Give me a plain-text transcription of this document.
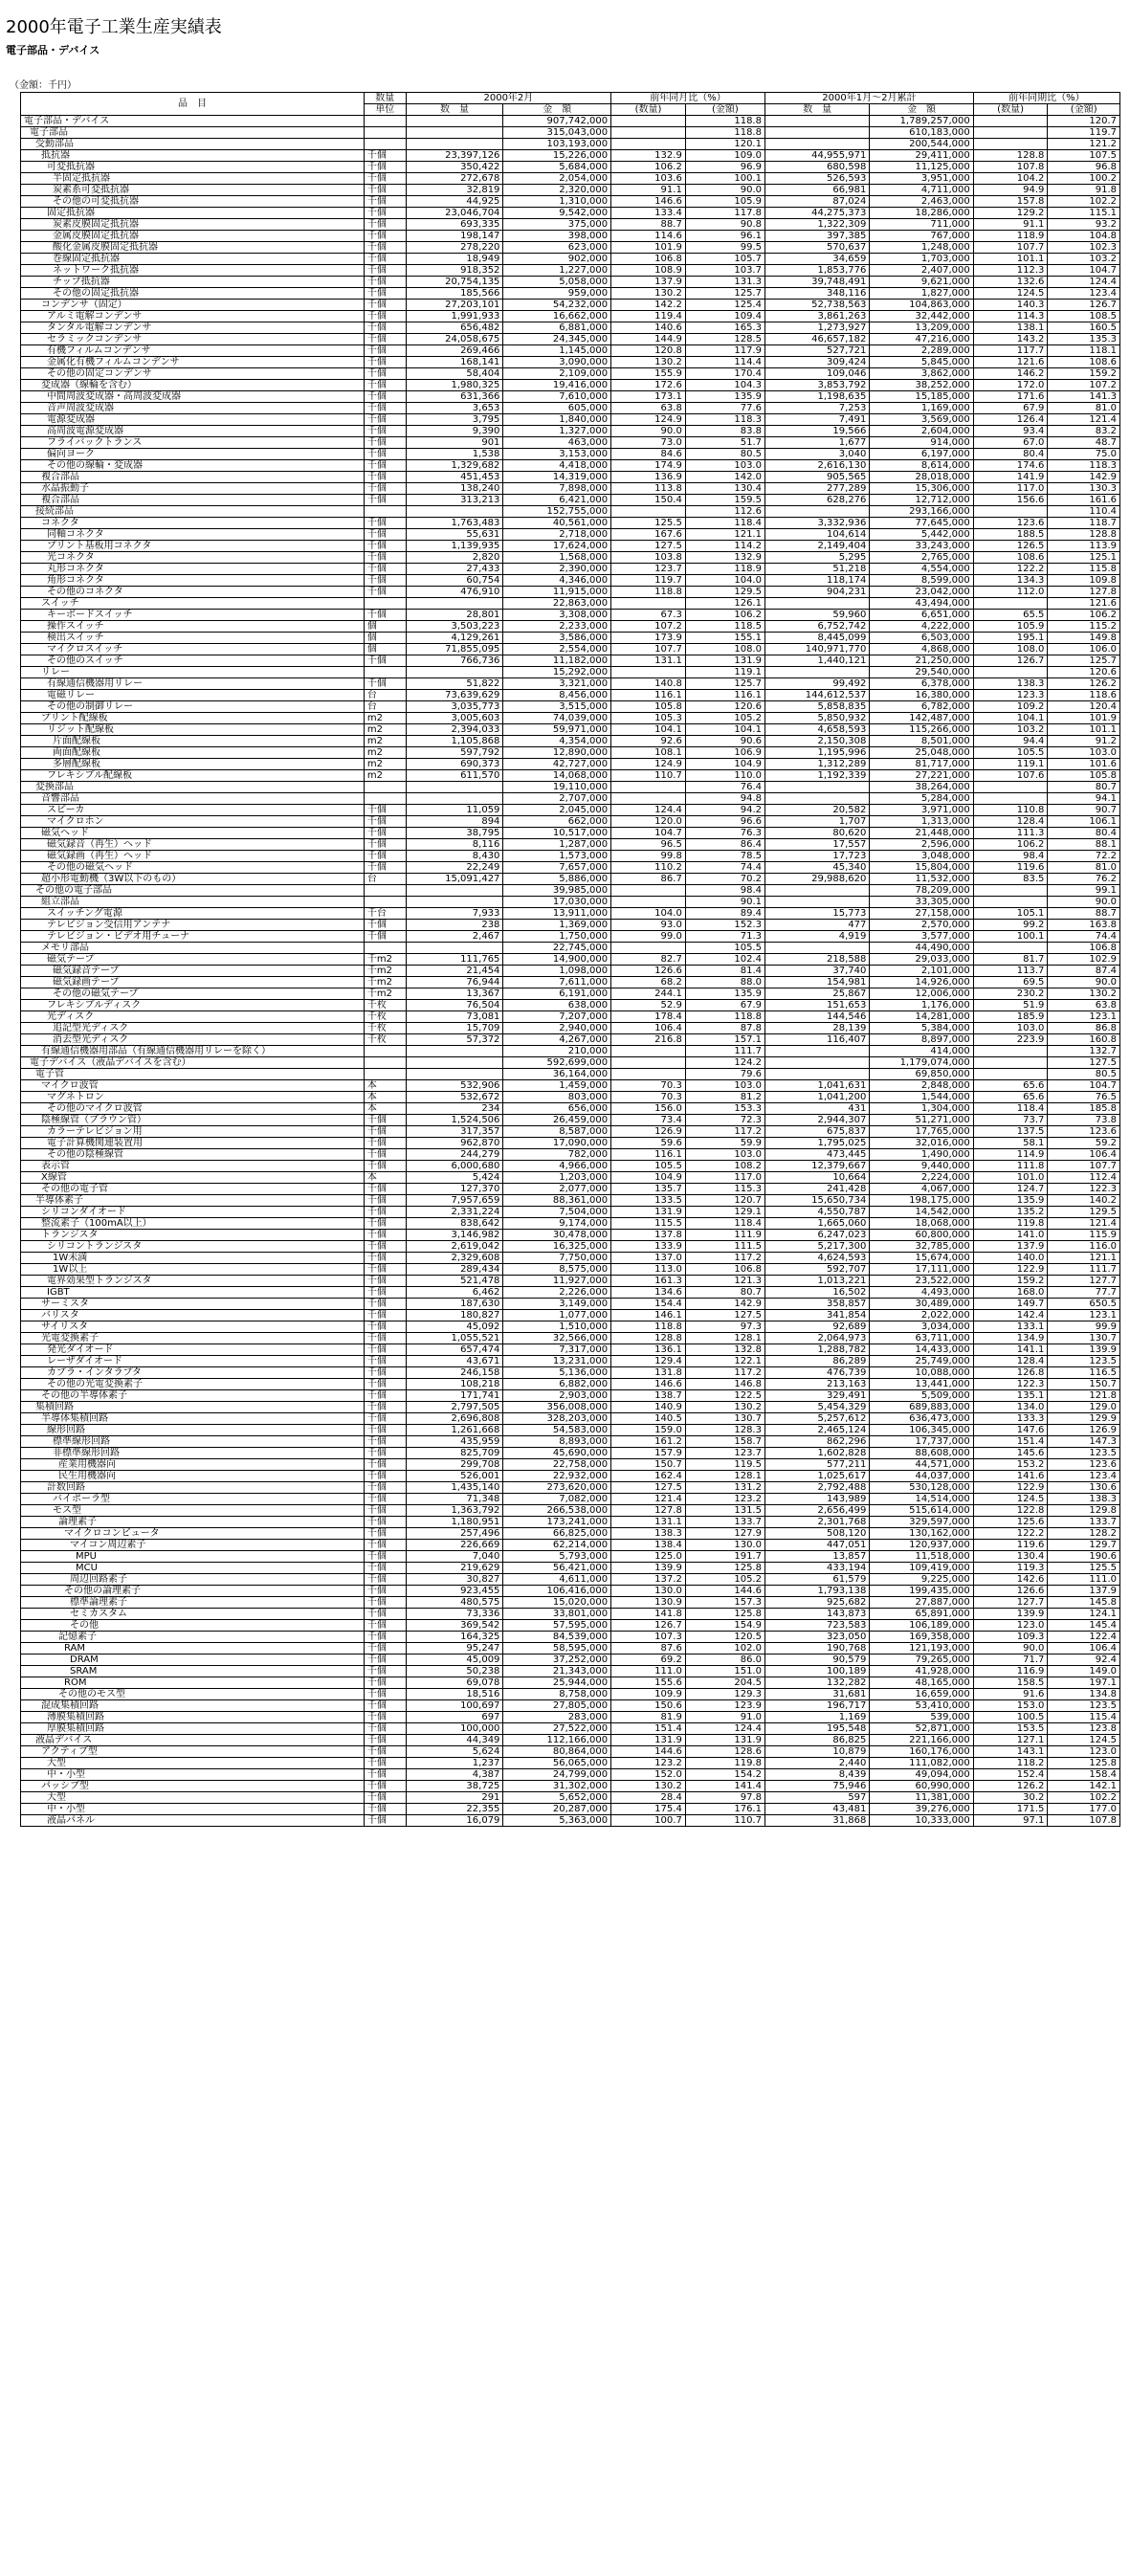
2000年電子工業生産実績表
電子部品・デバイス
（金額：千円）
品　目	数量	2000年2月		前年同月比（%）		2000年1月～2月累計		前年同期比（%）	
	単位	数　量	金　額	(数量)	(金額)	数　量	金　額	(数量)	(金額)
電子部品・デバイス			907,742,000		118.8		1,789,257,000		120.7
電子部品			315,043,000		118.8		610,183,000		119.7
受動部品			103,193,000		120.1		200,544,000		121.2
抵抗器	千個	23,397,126	15,226,000	132.9	109.0	44,955,971	29,411,000	128.8	107.5
可変抵抗器	千個	350,422	5,684,000	106.2	96.9	680,598	11,125,000	107.8	96.8
半固定抵抗器	千個	272,678	2,054,000	103.6	100.1	526,593	3,951,000	104.2	100.2
炭素系可変抵抗器	千個	32,819	2,320,000	91.1	90.0	66,981	4,711,000	94.9	91.8
その他の可変抵抗器	千個	44,925	1,310,000	146.6	105.9	87,024	2,463,000	157.8	102.2
固定抵抗器	千個	23,046,704	9,542,000	133.4	117.8	44,275,373	18,286,000	129.2	115.1
炭素皮膜固定抵抗器	千個	693,335	375,000	88.7	90.8	1,322,309	711,000	91.1	93.2
金属皮膜固定抵抗器	千個	198,147	398,000	114.6	96.1	397,385	767,000	118.9	104.8
酸化金属皮膜固定抵抗器	千個	278,220	623,000	101.9	99.5	570,637	1,248,000	107.7	102.3
巻線固定抵抗器	千個	18,949	902,000	106.8	105.7	34,659	1,703,000	101.1	103.2
ネットワーク抵抗器	千個	918,352	1,227,000	108.9	103.7	1,853,776	2,407,000	112.3	104.7
チップ抵抗器	千個	20,754,135	5,058,000	137.9	131.3	39,748,491	9,621,000	132.6	124.4
その他の固定抵抗器	千個	185,566	959,000	130.2	125.7	348,116	1,827,000	124.5	123.4
コンデンサ（固定）	千個	27,203,101	54,232,000	142.2	125.4	52,738,563	104,863,000	140.3	126.7
アルミ電解コンデンサ	千個	1,991,933	16,662,000	119.4	109.4	3,861,263	32,442,000	114.3	108.5
タンタル電解コンデンサ	千個	656,482	6,881,000	140.6	165.3	1,273,927	13,209,000	138.1	160.5
セラミックコンデンサ	千個	24,058,675	24,345,000	144.9	128.5	46,657,182	47,216,000	143.2	135.3
有機フィルムコンデンサ	千個	269,466	1,145,000	120.8	117.9	527,721	2,289,000	117.7	118.1
金属化有機フィルムコンデンサ	千個	168,141	3,090,000	130.2	114.4	309,424	5,845,000	121.6	108.6
その他の固定コンデンサ	千個	58,404	2,109,000	155.9	170.4	109,046	3,862,000	146.2	159.2
変成器（線輪を含む）	千個	1,980,325	19,416,000	172.6	104.3	3,853,792	38,252,000	172.0	107.2
中間周波変成器・高周波変成器	千個	631,366	7,610,000	173.1	135.9	1,198,635	15,185,000	171.6	141.3
音声周波変成器	千個	3,653	605,000	63.8	77.6	7,253	1,169,000	67.9	81.0
電源変成器	千個	3,795	1,840,000	124.9	118.3	7,491	3,569,000	126.4	121.4
高周波電源変成器	千個	9,390	1,327,000	90.0	83.8	19,566	2,604,000	93.4	83.2
フライバックトランス	千個	901	463,000	73.0	51.7	1,677	914,000	67.0	48.7
偏向ヨーク	千個	1,538	3,153,000	84.6	80.5	3,040	6,197,000	80.4	75.0
その他の線輪・変成器	千個	1,329,682	4,418,000	174.9	103.0	2,616,130	8,614,000	174.6	118.3
複合部品	千個	451,453	14,319,000	136.9	142.0	905,565	28,018,000	141.9	142.9
水晶振動子	千個	138,240	7,898,000	113.8	130.4	277,289	15,306,000	117.0	130.3
複合部品	千個	313,213	6,421,000	150.4	159.5	628,276	12,712,000	156.6	161.6
接続部品			152,755,000		112.6		293,166,000		110.4
コネクタ	千個	1,763,483	40,561,000	125.5	118.4	3,332,936	77,645,000	123.6	118.7
同軸コネクタ	千個	55,631	2,718,000	167.6	121.1	104,614	5,442,000	188.5	128.8
プリント基板用コネクタ	千個	1,139,935	17,624,000	127.5	114.2	2,149,404	33,243,000	126.5	113.9
光コネクタ	千個	2,820	1,568,000	103.8	132.9	5,295	2,765,000	108.6	125.1
丸形コネクタ	千個	27,433	2,390,000	123.7	118.9	51,218	4,554,000	122.2	115.8
角形コネクタ	千個	60,754	4,346,000	119.7	104.0	118,174	8,599,000	134.3	109.8
その他のコネクタ	千個	476,910	11,915,000	118.8	129.5	904,231	23,042,000	112.0	127.8
スイッチ			22,863,000		126.1		43,494,000		121.6
キーボードスイッチ	千個	28,801	3,308,000	67.3	106.2	59,960	6,651,000	65.5	106.2
操作スイッチ	個	3,503,223	2,233,000	107.2	118.5	6,752,742	4,222,000	105.9	115.2
検出スイッチ	個	4,129,261	3,586,000	173.9	155.1	8,445,099	6,503,000	195.1	149.8
マイクロスイッチ	個	71,855,095	2,554,000	107.7	108.0	140,971,770	4,868,000	108.0	106.0
その他のスイッチ	千個	766,736	11,182,000	131.1	131.9	1,440,121	21,250,000	126.7	125.7
リレー			15,292,000		119.1		29,540,000		120.6
有線通信機器用リレー	千個	51,822	3,321,000	140.8	125.7	99,492	6,378,000	138.3	126.2
電磁リレー	台	73,639,629	8,456,000	116.1	116.1	144,612,537	16,380,000	123.3	118.6
その他の制御リレー	台	3,035,773	3,515,000	105.8	120.6	5,858,835	6,782,000	109.2	120.4
プリント配線板	m2	3,005,603	74,039,000	105.3	105.2	5,850,932	142,487,000	104.1	101.9
リジット配線板	m2	2,394,033	59,971,000	104.1	104.1	4,658,593	115,266,000	103.2	101.1
片面配線板	m2	1,105,868	4,354,000	92.6	90.6	2,150,308	8,501,000	94.4	91.2
両面配線板	m2	597,792	12,890,000	108.1	106.9	1,195,996	25,048,000	105.5	103.0
多層配線板	m2	690,373	42,727,000	124.9	104.9	1,312,289	81,717,000	119.1	101.6
フレキシブル配線板	m2	611,570	14,068,000	110.7	110.0	1,192,339	27,221,000	107.6	105.8
変換部品			19,110,000		76.4		38,264,000		80.7
音響部品			2,707,000		94.8		5,284,000		94.1
スピーカ	千個	11,059	2,045,000	124.4	94.2	20,582	3,971,000	110.8	90.7
マイクロホン	千個	894	662,000	120.0	96.6	1,707	1,313,000	128.4	106.1
磁気ヘッド	千個	38,795	10,517,000	104.7	76.3	80,620	21,448,000	111.3	80.4
磁気録音（再生）ヘッド	千個	8,116	1,287,000	96.5	86.4	17,557	2,596,000	106.2	88.1
磁気録画（再生）ヘッド	千個	8,430	1,573,000	99.8	78.5	17,723	3,048,000	98.4	72.2
その他の磁気ヘッド	千個	22,249	7,657,000	110.2	74.4	45,340	15,804,000	119.6	81.0
超小形電動機（3W以下のもの）	台	15,091,427	5,886,000	86.7	70.2	29,988,620	11,532,000	83.5	76.2
その他の電子部品			39,985,000		98.4		78,209,000		99.1
組立部品			17,030,000		90.1		33,305,000		90.0
スイッチング電源	千台	7,933	13,911,000	104.0	89.4	15,773	27,158,000	105.1	88.7
テレビジョン受信用アンテナ	千個	238	1,369,000	93.0	152.3	477	2,570,000	99.2	163.8
テレビジョン・ビデオ用チューナ	千個	2,467	1,750,000	99.0	71.3	4,919	3,577,000	100.1	74.4
メモリ部品			22,745,000		105.5		44,490,000		106.8
磁気テープ	千m2	111,765	14,900,000	82.7	102.4	218,588	29,033,000	81.7	102.9
磁気録音テープ	千m2	21,454	1,098,000	126.6	81.4	37,740	2,101,000	113.7	87.4
磁気録画テープ	千m2	76,944	7,611,000	68.2	88.0	154,981	14,926,000	69.5	90.0
その他の磁気テープ	千m2	13,367	6,191,000	244.1	135.9	25,867	12,006,000	230.2	130.2
フレキシブルディスク	千枚	76,504	638,000	52.9	67.9	151,653	1,176,000	51.9	63.8
光ディスク	千枚	73,081	7,207,000	178.4	118.8	144,546	14,281,000	185.9	123.1
追記型光ディスク	千枚	15,709	2,940,000	106.4	87.8	28,139	5,384,000	103.0	86.8
消去型光ディスク	千枚	57,372	4,267,000	216.8	157.1	116,407	8,897,000	223.9	160.8
有線通信機器用部品（有線通信機器用リレーを除く）			210,000		111.7		414,000		132.7
電子デバイス（液晶デバイスを含む）			592,699,000		124.2		1,179,074,000		127.5
電子管			36,164,000		79.6		69,850,000		80.5
マイクロ波管	本	532,906	1,459,000	70.3	103.0	1,041,631	2,848,000	65.6	104.7
マグネトロン	本	532,672	803,000	70.3	81.2	1,041,200	1,544,000	65.6	76.5
その他のマイクロ波管	本	234	656,000	156.0	153.3	431	1,304,000	118.4	185.8
陰極線管（ブラウン管）	千個	1,524,506	26,459,000	73.4	72.3	2,944,307	51,271,000	73.7	73.8
カラーテレビジョン用	千個	317,357	8,587,000	126.9	117.2	675,837	17,765,000	137.5	123.6
電子計算機関連装置用	千個	962,870	17,090,000	59.6	59.9	1,795,025	32,016,000	58.1	59.2
その他の陰極線管	千個	244,279	782,000	116.1	103.0	473,445	1,490,000	114.9	106.4
表示管	千個	6,000,680	4,966,000	105.5	108.2	12,379,667	9,440,000	111.8	107.7
X線管	本	5,424	1,203,000	104.9	117.0	10,664	2,224,000	101.0	112.4
その他の電子管	千個	127,370	2,077,000	135.7	115.3	241,428	4,067,000	124.7	122.3
半導体素子	千個	7,957,659	88,361,000	133.5	120.7	15,650,734	198,175,000	135.9	140.2
シリコンダイオード	千個	2,331,224	7,504,000	131.9	129.1	4,550,787	14,542,000	135.2	129.5
整流素子（100mA以上）	千個	838,642	9,174,000	115.5	118.4	1,665,060	18,068,000	119.8	121.4
トランジスタ	千個	3,146,982	30,478,000	137.8	111.9	6,247,023	60,800,000	141.0	115.9
シリコントランジスタ	千個	2,619,042	16,325,000	133.9	111.5	5,217,300	32,785,000	137.9	116.0
1W未満	千個	2,329,608	7,750,000	137.0	117.2	4,624,593	15,674,000	140.0	121.1
1W以上	千個	289,434	8,575,000	113.0	106.8	592,707	17,111,000	122.9	111.7
電界効果型トランジスタ	千個	521,478	11,927,000	161.3	121.3	1,013,221	23,522,000	159.2	127.7
IGBT	千個	6,462	2,226,000	134.6	80.7	16,502	4,493,000	168.0	77.7
サーミスタ	千個	187,630	3,149,000	154.4	142.9	358,857	30,489,000	149.7	650.5
バリスタ	千個	180,827	1,077,000	146.1	127.5	341,854	2,022,000	142.4	123.1
サイリスタ	千個	45,092	1,510,000	118.8	97.3	92,689	3,034,000	133.1	99.9
光電変換素子	千個	1,055,521	32,566,000	128.8	128.1	2,064,973	63,711,000	134.9	130.7
発光ダイオード	千個	657,474	7,317,000	136.1	132.8	1,288,782	14,433,000	141.1	139.9
レーザダイオード	千個	43,671	13,231,000	129.4	122.1	86,289	25,749,000	128.4	123.5
カプラ・インタラプタ	千個	246,158	5,136,000	131.8	117.2	476,739	10,088,000	126.8	116.5
その他の光電変換素子	千個	108,218	6,882,000	146.6	146.8	213,163	13,441,000	122.3	150.7
その他の半導体素子	千個	171,741	2,903,000	138.7	122.5	329,491	5,509,000	135.1	121.8
集積回路	千個	2,797,505	356,008,000	140.9	130.2	5,454,329	689,883,000	134.0	129.0
半導体集積回路	千個	2,696,808	328,203,000	140.5	130.7	5,257,612	636,473,000	133.3	129.9
線形回路	千個	1,261,668	54,583,000	159.0	128.3	2,465,124	106,345,000	147.6	126.9
標準線形回路	千個	435,959	8,893,000	161.2	158.7	862,296	17,737,000	151.4	147.3
非標準線形回路	千個	825,709	45,690,000	157.9	123.7	1,602,828	88,608,000	145.6	123.5
産業用機器向	千個	299,708	22,758,000	150.7	119.5	577,211	44,571,000	153.2	123.6
民生用機器向	千個	526,001	22,932,000	162.4	128.1	1,025,617	44,037,000	141.6	123.4
計数回路	千個	1,435,140	273,620,000	127.5	131.2	2,792,488	530,128,000	122.9	130.6
バイポーラ型	千個	71,348	7,082,000	121.4	123.2	143,989	14,514,000	124.5	138.3
モス型	千個	1,363,792	266,538,000	127.8	131.5	2,656,499	515,614,000	122.8	129.8
論理素子	千個	1,180,951	173,241,000	131.1	133.7	2,301,768	329,597,000	125.6	133.7
マイクロコンピュータ	千個	257,496	66,825,000	138.3	127.9	508,120	130,162,000	122.2	128.2
マイコン周辺素子	千個	226,669	62,214,000	138.4	130.0	447,051	120,937,000	119.6	129.7
MPU	千個	7,040	5,793,000	125.0	191.7	13,857	11,518,000	130.4	190.6
MCU	千個	219,629	56,421,000	139.9	125.8	433,194	109,419,000	119.3	125.5
周辺回路素子	千個	30,827	4,611,000	137.2	105.2	61,579	9,225,000	142.6	111.0
その他の論理素子	千個	923,455	106,416,000	130.0	144.6	1,793,138	199,435,000	126.6	137.9
標準論理素子	千個	480,575	15,020,000	130.9	157.3	925,682	27,887,000	127.7	145.8
セミカスタム	千個	73,336	33,801,000	141.8	125.8	143,873	65,891,000	139.9	124.1
その他	千個	369,542	57,595,000	126.7	154.9	723,583	106,189,000	123.0	145.4
記憶素子	千個	164,325	84,539,000	107.3	120.5	323,050	169,358,000	109.3	122.4
RAM	千個	95,247	58,595,000	87.6	102.0	190,768	121,193,000	90.0	106.4
DRAM	千個	45,009	37,252,000	69.2	86.0	90,579	79,265,000	71.7	92.4
SRAM	千個	50,238	21,343,000	111.0	151.0	100,189	41,928,000	116.9	149.0
ROM	千個	69,078	25,944,000	155.6	204.5	132,282	48,165,000	158.5	197.1
その他のモス型	千個	18,516	8,758,000	109.9	129.3	31,681	16,659,000	91.6	134.8
混成集積回路	千個	100,697	27,805,000	150.6	123.9	196,717	53,410,000	153.0	123.5
薄膜集積回路	千個	697	283,000	81.9	91.0	1,169	539,000	100.5	115.4
厚膜集積回路	千個	100,000	27,522,000	151.4	124.4	195,548	52,871,000	153.5	123.8
液晶デバイス	千個	44,349	112,166,000	131.9	131.9	86,825	221,166,000	127.1	124.5
アクティブ型	千個	5,624	80,864,000	144.6	128.6	10,879	160,176,000	143.1	123.0
大型	千個	1,237	56,065,000	123.2	119.8	2,440	111,082,000	118.2	125.8
中・小型	千個	4,387	24,799,000	152.0	154.2	8,439	49,094,000	152.4	158.4
パッシブ型	千個	38,725	31,302,000	130.2	141.4	75,946	60,990,000	126.2	142.1
大型	千個	291	5,652,000	28.4	97.8	597	11,381,000	30.2	102.2
中・小型	千個	22,355	20,287,000	175.4	176.1	43,481	39,276,000	171.5	177.0
液晶パネル	千個	16,079	5,363,000	100.7	110.7	31,868	10,333,000	97.1	107.8
